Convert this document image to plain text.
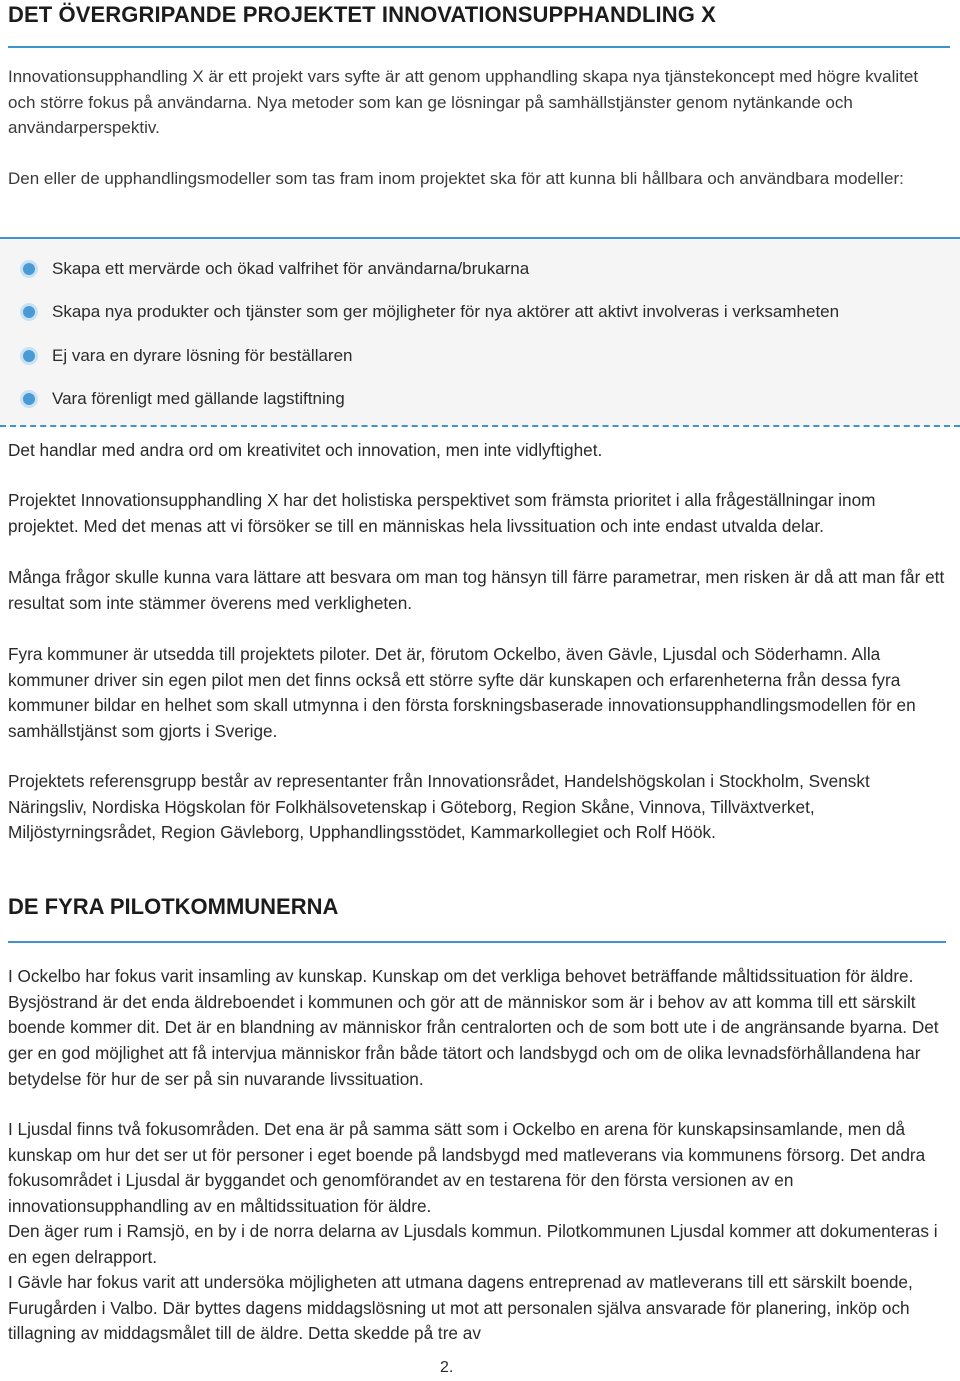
DET ÖVERGRIPANDE PROJEKTET INNOVATIONSUPPHANDLING X

Innovationsupphandling X är ett projekt vars syfte är att genom upphandling skapa nya tjänstekoncept med högre kvalitet och större fokus på användarna. Nya metoder som kan ge lösningar på samhällstjänster genom nytänkande och användarperspektiv.

Den eller de upphandlingsmodeller som tas fram inom projektet ska för att kunna bli hållbara och användbara modeller:

Skapa ett mervärde och ökad valfrihet för användarna/brukarna
Skapa nya produkter och tjänster som ger möjligheter för nya aktörer att aktivt involveras i verksamheten
Ej vara en dyrare lösning för beställaren
Vara förenligt med gällande lagstiftning

Det handlar med andra ord om kreativitet och innovation, men inte vidlyftighet.

Projektet Innovationsupphandling X har det holistiska perspektivet som främsta prioritet i alla frågeställningar inom projektet. Med det menas att vi försöker se till en människas hela livssituation och inte endast utvalda delar.

Många frågor skulle kunna vara lättare att besvara om man tog hänsyn till färre parametrar, men risken är då att man får ett resultat som inte stämmer överens med verkligheten.

Fyra kommuner är utsedda till projektets piloter. Det är, förutom Ockelbo, även Gävle, Ljusdal och Söderhamn. Alla kommuner driver sin egen pilot men det finns också ett större syfte där kunskapen och erfarenheterna från dessa fyra kommuner bildar en helhet som skall utmynna i den första forskningsbaserade innovationsupphandlingsmodellen för en samhällstjänst som gjorts i Sverige.

Projektets referensgrupp består av representanter från Innovationsrådet, Handelshögskolan i Stockholm, Svenskt Näringsliv, Nordiska Högskolan för Folkhälsovetenskap i Göteborg, Region Skåne, Vinnova, Tillväxtverket, Miljöstyrningsrådet, Region Gävleborg, Upphandlingsstödet, Kammarkollegiet och Rolf Höök.

DE FYRA PILOTKOMMUNERNA

I Ockelbo har fokus varit insamling av kunskap. Kunskap om det verkliga behovet beträffande måltidssituation för äldre. Bysjöstrand är det enda äldreboendet i kommunen och gör att de människor som är i behov av att komma till ett särskilt boende kommer dit. Det är en blandning av människor från centralorten och de som bott ute i de angränsande byarna. Det ger en god möjlighet att få intervjua människor från både tätort och landsbygd och om de olika levnadsförhållandena har betydelse för hur de ser på sin nuvarande livssituation.

I Ljusdal finns två fokusområden. Det ena är på samma sätt som i Ockelbo en arena för kunskapsinsamlande, men då kunskap om hur det ser ut för personer i eget boende på landsbygd med matleverans via kommunens försorg. Det andra fokusområdet i Ljusdal är byggandet och genomförandet av en testarena för den första versionen av en innovationsupphandling av en måltidssituation för äldre.

Den äger rum i Ramsjö, en by i de norra delarna av Ljusdals kommun. Pilotkommunen Ljusdal kommer att dokumenteras i en egen delrapport.

I Gävle har fokus varit att undersöka möjligheten att utmana dagens entreprenad av matleverans till ett särskilt boende, Furugården i Valbo. Där byttes dagens middagslösning ut mot att personalen själva ansvarade för planering, inköp och tillagning av middagsmålet till de äldre. Detta skedde på tre av

2.
